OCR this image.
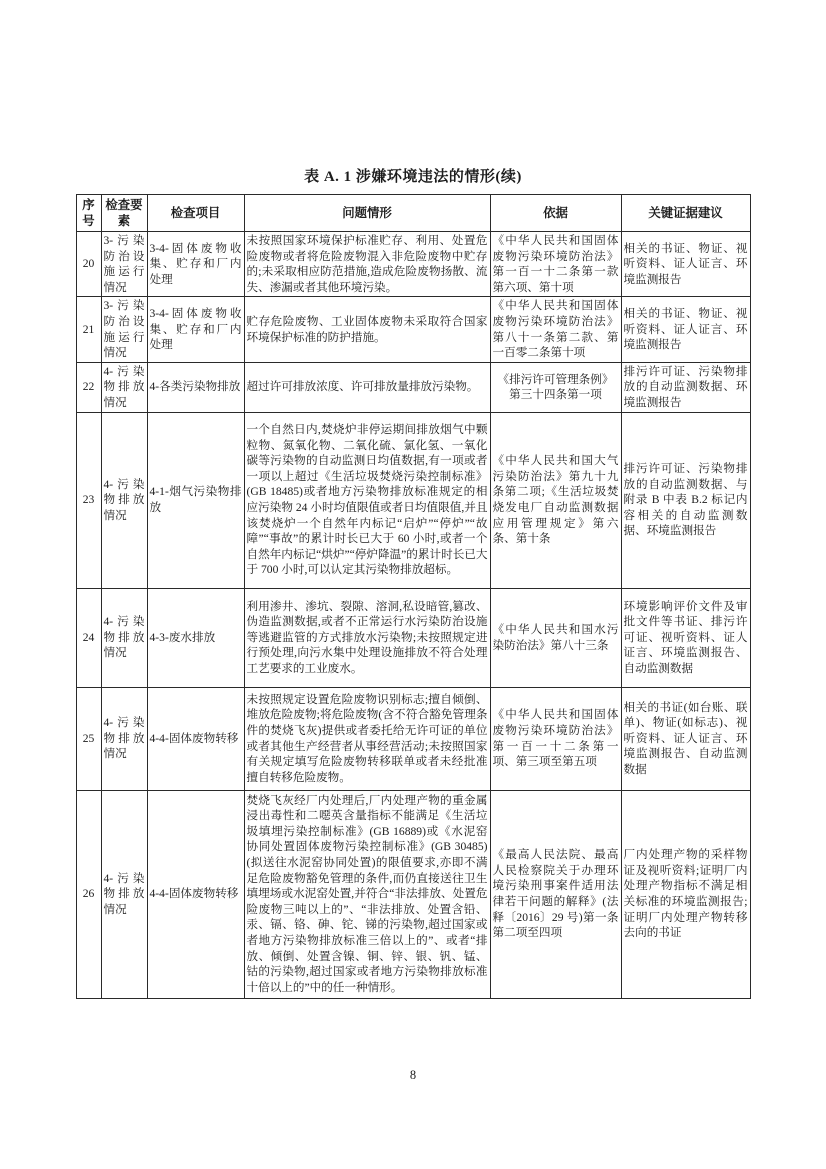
表 A. 1 涉嫌环境违法的情形(续)
序号	检查要素	检查项目	问题情形	依据	关键证据建议
20	3-污染防治设施运行情况	3-4-固体废物收集、贮存和厂内处理	未按照国家环境保护标准贮存、利用、处置危险废物或者将危险废物混入非危险废物中贮存的;未采取相应防范措施,造成危险废物扬散、流失、渗漏或者其他环境污染。	《中华人民共和国固体废物污染环境防治法》第一百一十二条第一款第六项、第十项	相关的书证、物证、视听资料、证人证言、环境监测报告
21	3-污染防治设施运行情况	3-4-固体废物收集、贮存和厂内处理	贮存危险废物、工业固体废物未采取符合国家环境保护标准的防护措施。	《中华人民共和国固体废物污染环境防治法》第八十一条第二款、第一百零二条第十项	相关的书证、物证、视听资料、证人证言、环境监测报告
22	4-污染物排放情况	4-各类污染物排放	超过许可排放浓度、许可排放量排放污染物。	《排污许可管理条例》第三十四条第一项	排污许可证、污染物排放的自动监测数据、环境监测报告
23	4-污染物排放情况	4-1-烟气污染物排放	一个自然日内,焚烧炉非停运期间排放烟气中颗粒物、氮氧化物、二氧化硫、氯化氢、一氧化碳等污染物的自动监测日均值数据,有一项或者一项以上超过《生活垃圾焚烧污染控制标准》(GB 18485)或者地方污染物排放标准规定的相应污染物 24 小时均值限值或者日均值限值,并且该焚烧炉一个自然年内标记“启炉”“停炉”“故障”“事故”的累计时长已大于 60 小时,或者一个自然年内标记“烘炉”“停炉降温”的累计时长已大于 700 小时,可以认定其污染物排放超标。	《中华人民共和国大气污染防治法》第九十九条第二项;《生活垃圾焚烧发电厂自动监测数据应用管理规定》第六条、第十条	排污许可证、污染物排放的自动监测数据、与附录 B 中表 B.2 标记内容相关的自动监测数据、环境监测报告
24	4-污染物排放情况	4-3-废水排放	利用渗井、渗坑、裂隙、溶洞,私设暗管,篡改、伪造监测数据,或者不正常运行水污染防治设施等逃避监管的方式排放水污染物;未按照规定进行预处理,向污水集中处理设施排放不符合处理工艺要求的工业废水。	《中华人民共和国水污染防治法》第八十三条	环境影响评价文件及审批文件等书证、排污许可证、视听资料、证人证言、环境监测报告、自动监测数据
25	4-污染物排放情况	4-4-固体废物转移	未按照规定设置危险废物识别标志;擅自倾倒、堆放危险废物;将危险废物(含不符合豁免管理条件的焚烧飞灰)提供或者委托给无许可证的单位或者其他生产经营者从事经营活动;未按照国家有关规定填写危险废物转移联单或者未经批准擅自转移危险废物。	《中华人民共和国固体废物污染环境防治法》第一百一十二条第一项、第三项至第五项	相关的书证(如台账、联单)、物证(如标志)、视听资料、证人证言、环境监测报告、自动监测数据
26	4-污染物排放情况	4-4-固体废物转移	焚烧飞灰经厂内处理后,厂内处理产物的重金属浸出毒性和二噁英含量指标不能满足《生活垃圾填埋污染控制标准》(GB 16889)或《水泥窑协同处置固体废物污染控制标准》(GB 30485)(拟送往水泥窑协同处置)的限值要求,亦即不满足危险废物豁免管理的条件,而仍直接送往卫生填埋场或水泥窑处置,并符合“非法排放、处置危险废物三吨以上的”、“非法排放、处置含铅、汞、镉、铬、砷、铊、锑的污染物,超过国家或者地方污染物排放标准三倍以上的”、或者“排放、倾倒、处置含镍、铜、锌、银、钒、锰、钴的污染物,超过国家或者地方污染物排放标准十倍以上的”中的任一种情形。	《最高人民法院、最高人民检察院关于办理环境污染刑事案件适用法律若干问题的解释》(法释〔2016〕29 号)第一条第二项至四项	厂内处理产物的采样物证及视听资料;证明厂内处理产物指标不满足相关标准的环境监测报告;证明厂内处理产物转移去向的书证
8
